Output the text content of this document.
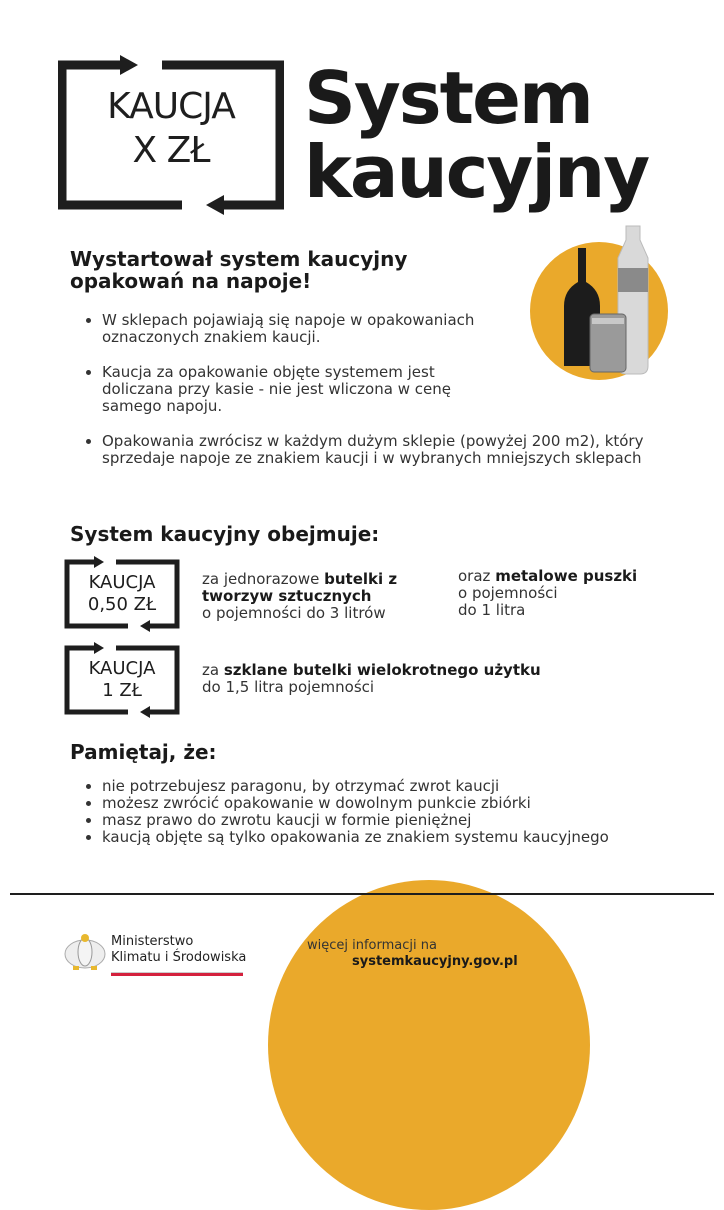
KAUCJA
X ZŁ
System
kaucyjny
Wystartował system kaucyjny opakowań na napoje!
• W sklepach pojawiają się napoje w opakowaniach oznaczonych znakiem kaucji.
• Kaucja za opakowanie objęte systemem jest doliczana przy kasie - nie jest wliczona w cenę samego napoju.
• Opakowania zwrócisz w każdym dużym sklepie (powyżej 200 m2), który sprzedaje napoje ze znakiem kaucji i w wybranych mniejszych sklepach
System kaucyjny obejmuje:
KAUCJA
0,50 ZŁ
KAUCJA
1 ZŁ
za jednorazowe butelki z tworzyw sztucznych
o pojemności do 3 litrów
oraz metalowe puszki
o pojemności do 1 litra
za szklane butelki wielokrotnego użytku
do 1,5 litra pojemności
Pamiętaj, że:
• nie potrzebujesz paragonu, by otrzymać zwrot kaucji
• możesz zwrócić opakowanie w dowolnym punkcie zbiórki
• masz prawo do zwrotu kaucji w formie pieniężnej
• kaucją objęte są tylko opakowania ze znakiem systemu kaucyjnego
Ministerstwo
Klimatu i Środowiska
więcej informacji na
systemkaucyjny.gov.pl
